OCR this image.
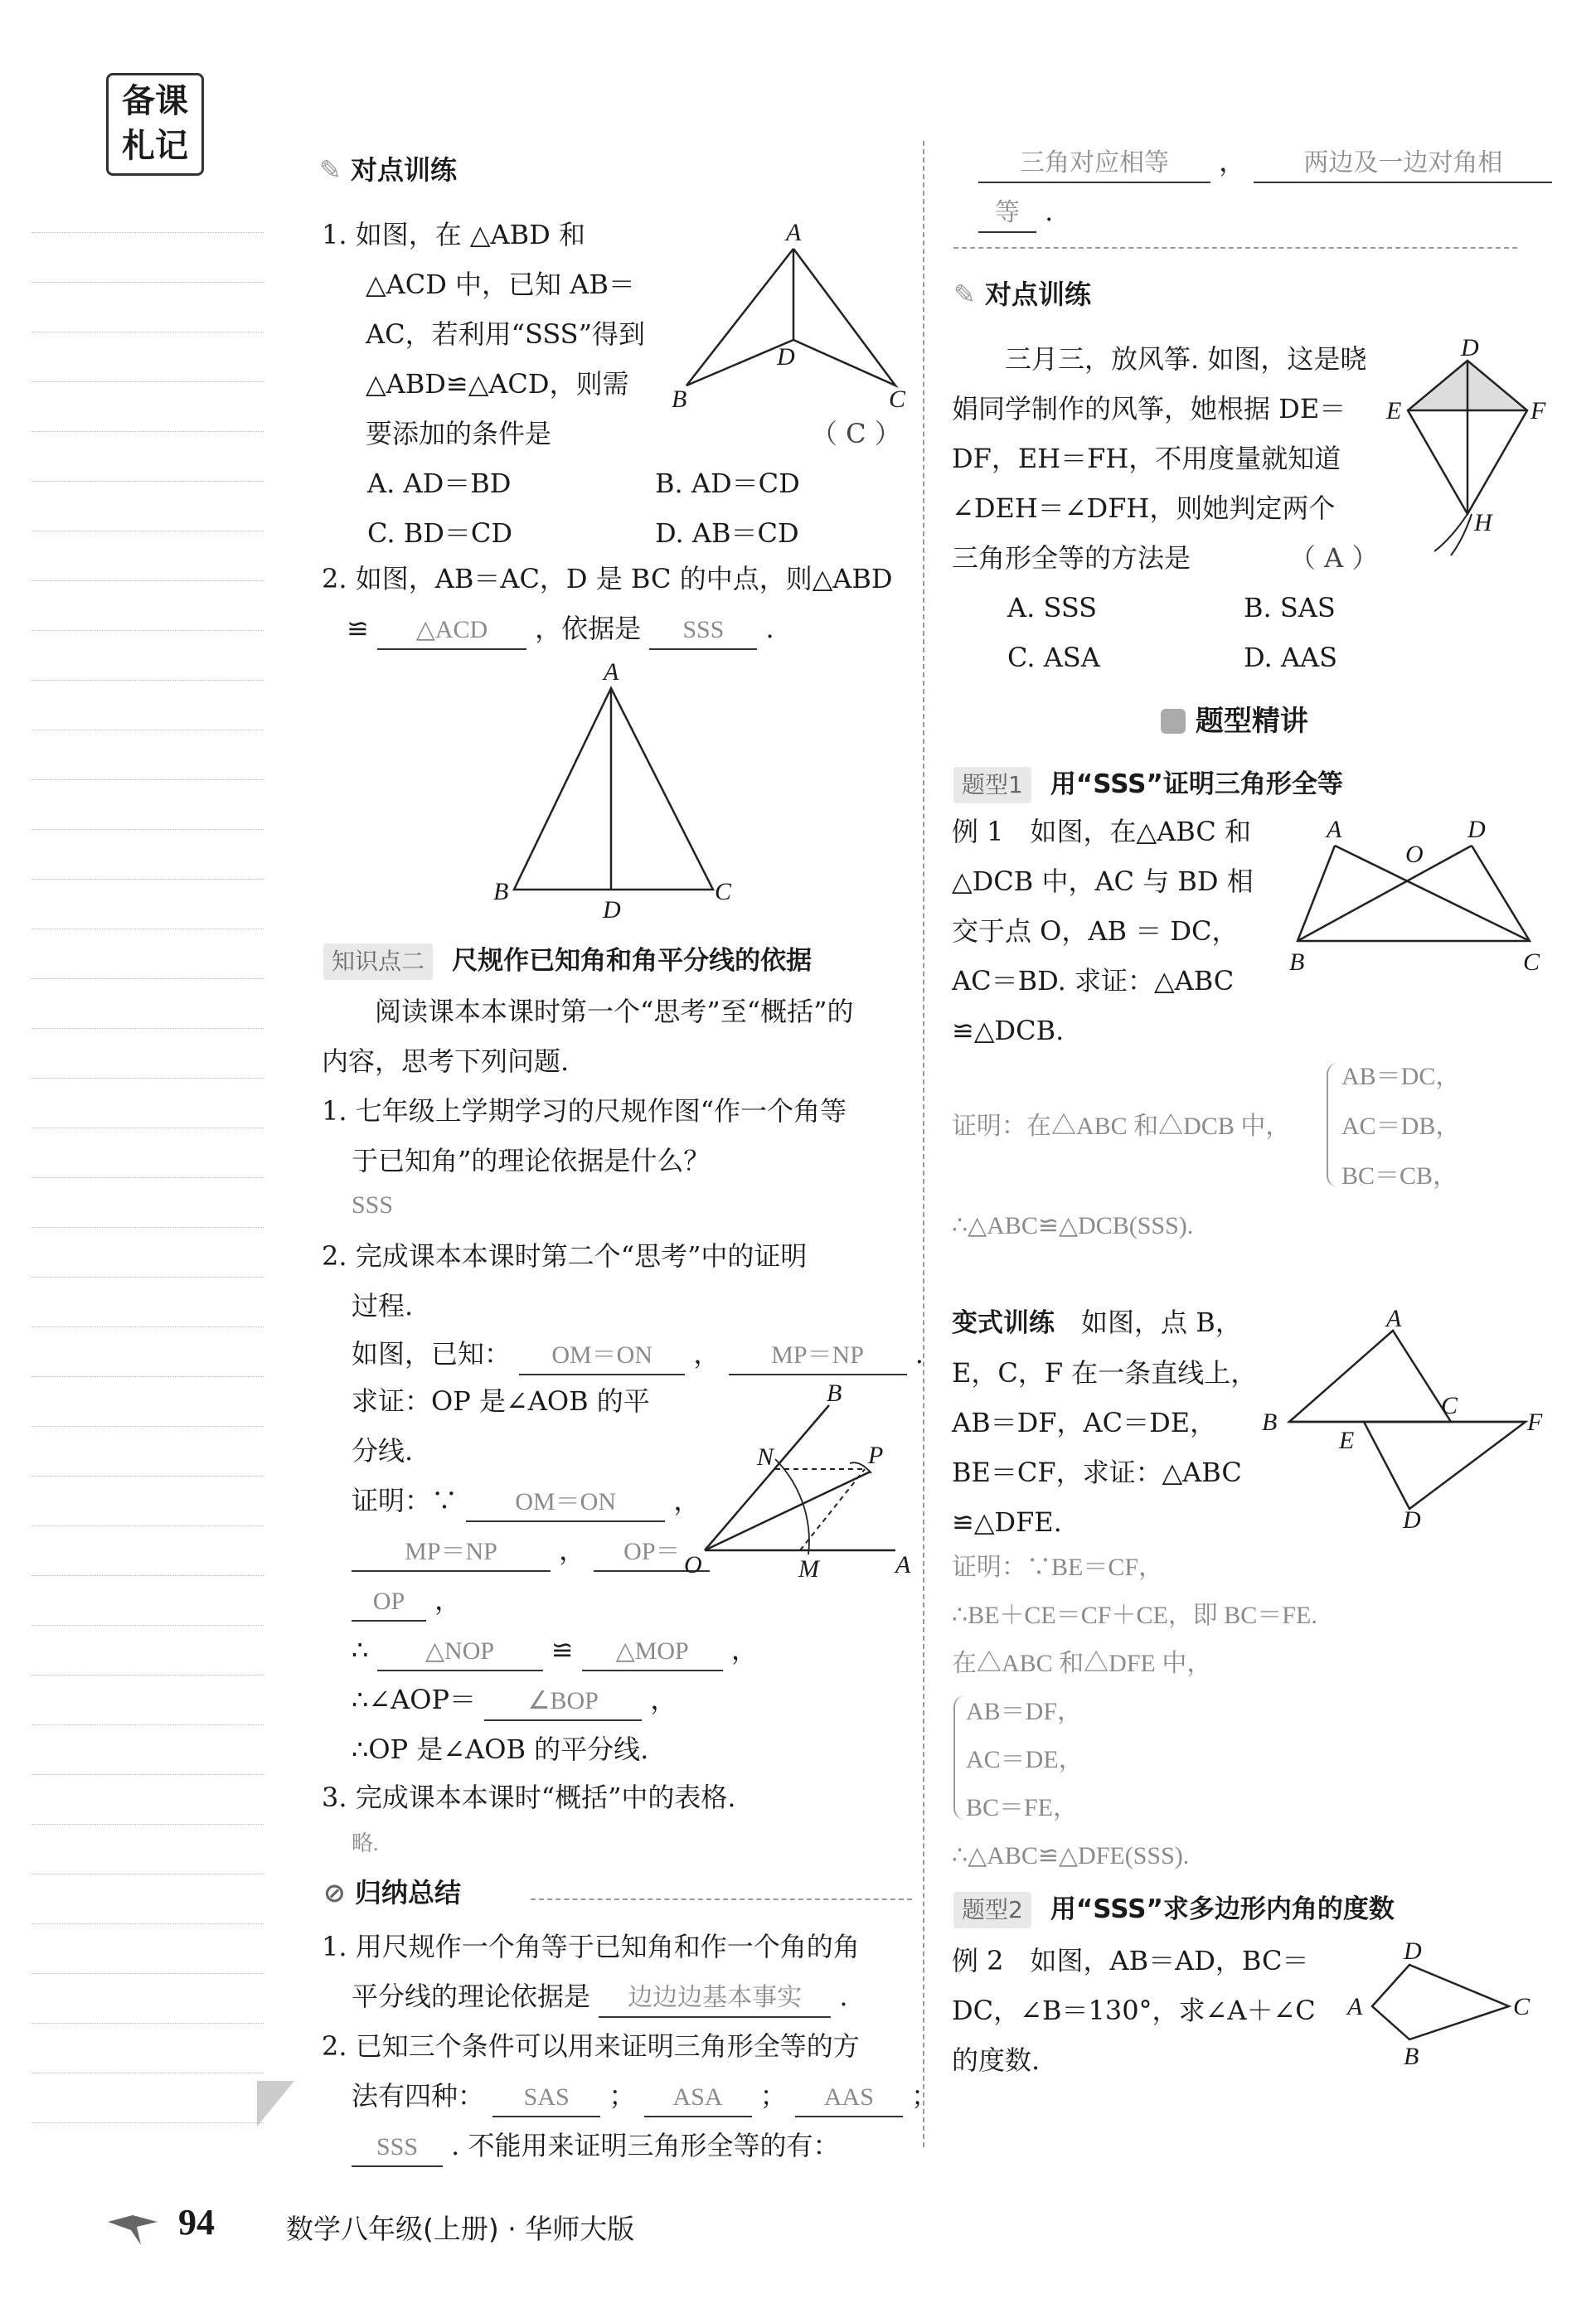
备课
札记
✎ 对点训练
1. 如图，在 △ABD 和
△ACD 中，已知 AB＝
AC，若利用“SSS”得到
△ABD≌△ACD，则需
要添加的条件是	（ C ）
A. AD＝BD	B. AD＝CD
C. BD＝CD	D. AB＝CD
A
B	C
D
2. 如图，AB＝AC，D 是 BC 的中点，则△ABD
≌ △ACD ，依据是 SSS .
A
B	C
D
知识点二 尺规作已知角和角平分线的依据
阅读课本本课时第一个“思考”至“概括”的
内容，思考下列问题.
1. 七年级上学期学习的尺规作图“作一个角等
于已知角”的理论依据是什么？
SSS
2. 完成课本本课时第二个“思考”中的证明
过程.
如图，已知： OM＝ON ， MP＝NP .
求证：OP 是∠AOB 的平
分线.
证明：∵ OM＝ON ，
MP＝NP ， OP＝
OP ，
∴ △NOP ≌ △MOP ，
∴∠AOP＝ ∠BOP ，
∴OP 是∠AOB 的平分线.
O	A
B
N
M
P
3. 完成课本本课时“概括”中的表格.
略.
⊘ 归纳总结
1. 用尺规作一个角等于已知角和作一个角的角
平分线的理论依据是 边边边基本事实 .
2. 已知三个条件可以用来证明三角形全等的方
法有四种： SAS ； ASA ； AAS ；
SSS . 不能用来证明三角形全等的有：
三角对应相等 ， 两边及一边对角相
等 .
✎ 对点训练
三月三，放风筝. 如图，这是晓
娟同学制作的风筝，她根据 DE＝
DF，EH＝FH，不用度量就知道
∠DEH＝∠DFH，则她判定两个
三角形全等的方法是	（ A ）
A. SSS	B. SAS
C. ASA	D. AAS
D
E	F
H
题型精讲
题型1 用“SSS”证明三角形全等
例 1　如图，在△ABC 和
△DCB 中，AC 与 BD 相
交于点 O，AB ＝ DC，
AC＝BD. 求证：△ABC
≌△DCB.
A	D
O
B	C
证明：在△ABC 和△DCB 中，
AB＝DC，
AC＝DB，
BC＝CB，
∴△ABC≌△DCB(SSS).
变式训练　 如图，点 B，
E，C，F 在一条直线上，
AB＝DF，AC＝DE，
BE＝CF，求证：△ABC
≌△DFE.
A
B
C
F
E
D
证明：∵BE＝CF，
∴BE＋CE＝CF＋CE，即 BC＝FE.
在△ABC 和△DFE 中，
AB＝DF，
AC＝DE，
BC＝FE，
∴△ABC≌△DFE(SSS).
题型2 用“SSS”求多边形内角的度数
例 2　如图，AB＝AD，BC＝
DC，∠B＝130°，求∠A＋∠C
的度数.
D
A	C
B
94	数学八年级(上册) · 华师大版
